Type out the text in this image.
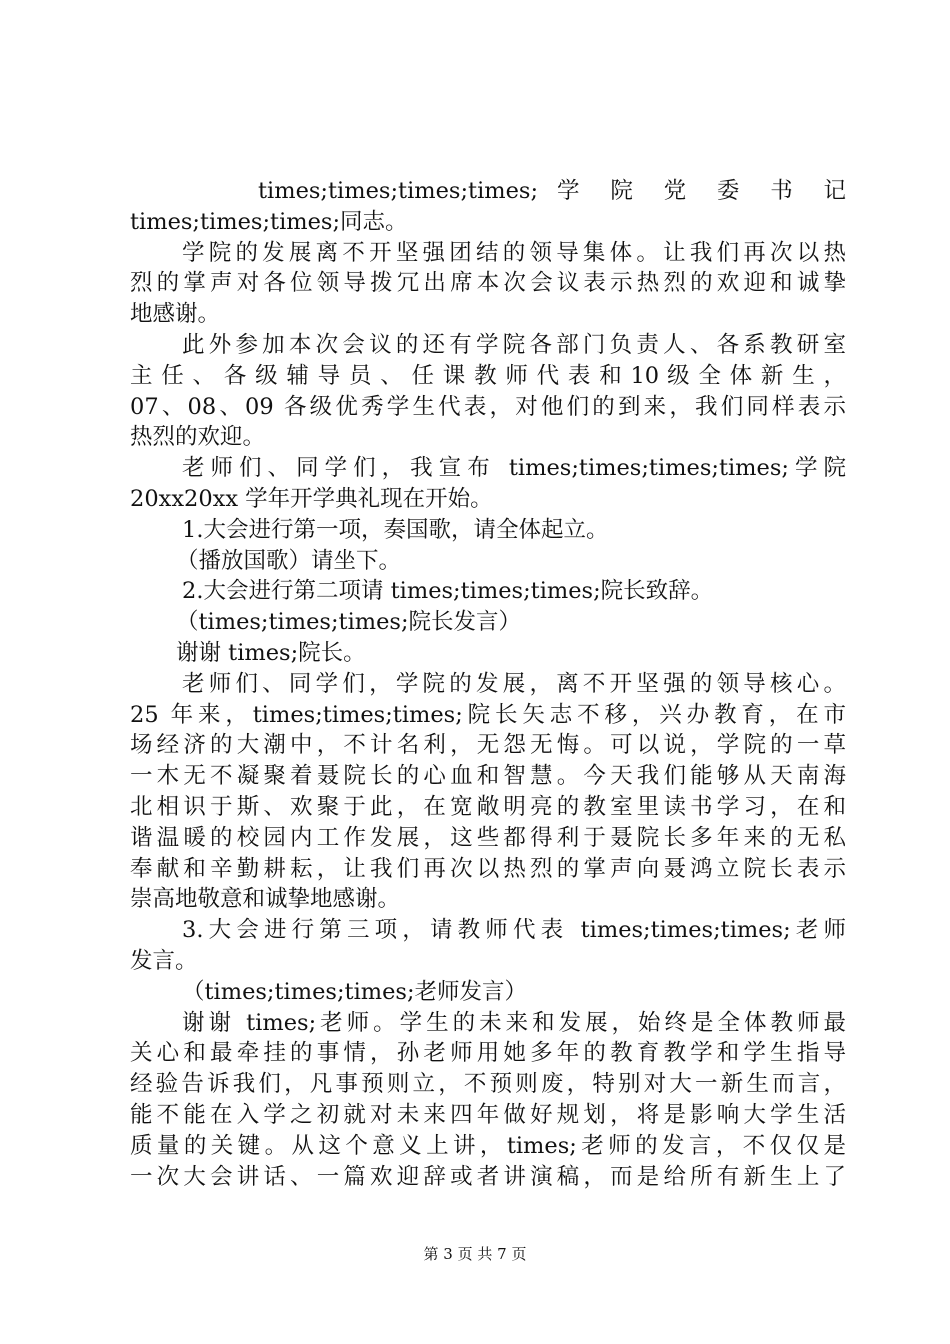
times;times;times;times; 学 院 党 委 书 记
times;times;times;同志。
学院的发展离不开坚强团结的领导集体。让我们再次以热
烈的掌声对各位领导拨冗出席本次会议表示热烈的欢迎和诚挚
地感谢。
此外参加本次会议的还有学院各部门负责人、各系教研室
主 任 、 各 级 辅 导 员 、 任 课 教 师 代 表 和 10 级 全 体 新 生 ，
07、08、09 各级优秀学生代表，对他们的到来，我们同样表示
热烈的欢迎。
老师们、同学们，我宣布 times;times;times;times;学院
20xx20xx 学年开学典礼现在开始。
1.大会进行第一项，奏国歌，请全体起立。
（播放国歌）请坐下。
2.大会进行第二项请 times;times;times;院长致辞。
（times;times;times;院长发言）
谢谢 times;院长。
老师们、同学们，学院的发展，离不开坚强的领导核心。
25 年来，times;times;times;院长矢志不移，兴办教育，在市
场经济的大潮中，不计名利，无怨无悔。可以说，学院的一草
一木无不凝聚着聂院长的心血和智慧。今天我们能够从天南海
北相识于斯、欢聚于此，在宽敞明亮的教室里读书学习，在和
谐温暖的校园内工作发展，这些都得利于聂院长多年来的无私
奉献和辛勤耕耘，让我们再次以热烈的掌声向聂鸿立院长表示
崇高地敬意和诚挚地感谢。
3.大会进行第三项，请教师代表 times;times;times;老师
发言。
（times;times;times;老师发言）
谢谢 times;老师。学生的未来和发展，始终是全体教师最
关心和最牵挂的事情，孙老师用她多年的教育教学和学生指导
经验告诉我们，凡事预则立，不预则废，特别对大一新生而言，
能不能在入学之初就对未来四年做好规划，将是影响大学生活
质量的关键。从这个意义上讲，times;老师的发言，不仅仅是
一次大会讲话、一篇欢迎辞或者讲演稿，而是给所有新生上了
第 3 页 共 7 页
